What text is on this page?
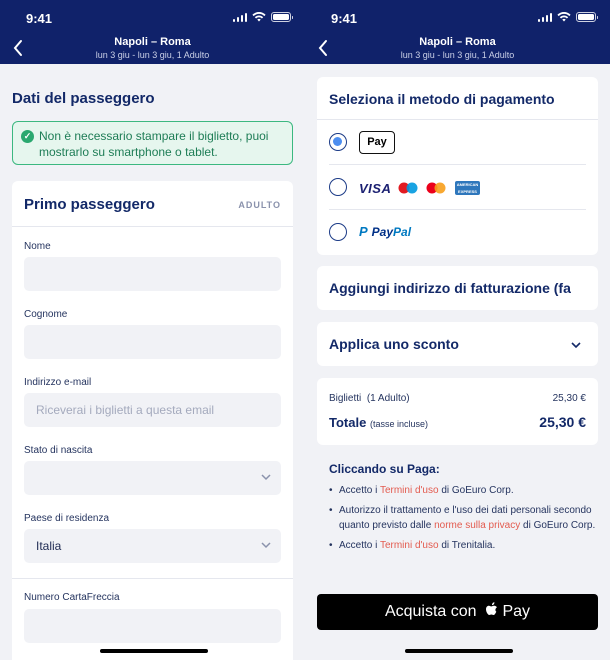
9:41
Napoli – Roma
lun 3 giu - lun 3 giu, 1 Adulto
Dati del passeggero
✓ Non è necessario stampare il biglietto, puoi mostrarlo su smartphone o tablet.
Primo passeggero	ADULTO
Nome
Cognome
Indirizzo e-mail
Riceverai i biglietti a questa email
Stato di nascita
Paese di residenza
Italia
Numero CartaFreccia
9:41
Napoli – Roma
lun 3 giu - lun 3 giu, 1 Adulto
Seleziona il metodo di pagamento
Pay
VISA	AMERICAN EXPRESS
P PayPal
Aggiungi indirizzo di fatturazione (fa
Applica uno sconto
Biglietti (1 Adulto)	25,30 €
Totale (tasse incluse)	25,30 €
Cliccando su Paga:
• Accetto i Termini d'uso di GoEuro Corp.
• Autorizzo il trattamento e l'uso dei dati personali secondo quanto previsto dalle norme sulla privacy di GoEuro Corp.
• Accetto i Termini d'uso di Trenitalia.
Acquista con Pay
